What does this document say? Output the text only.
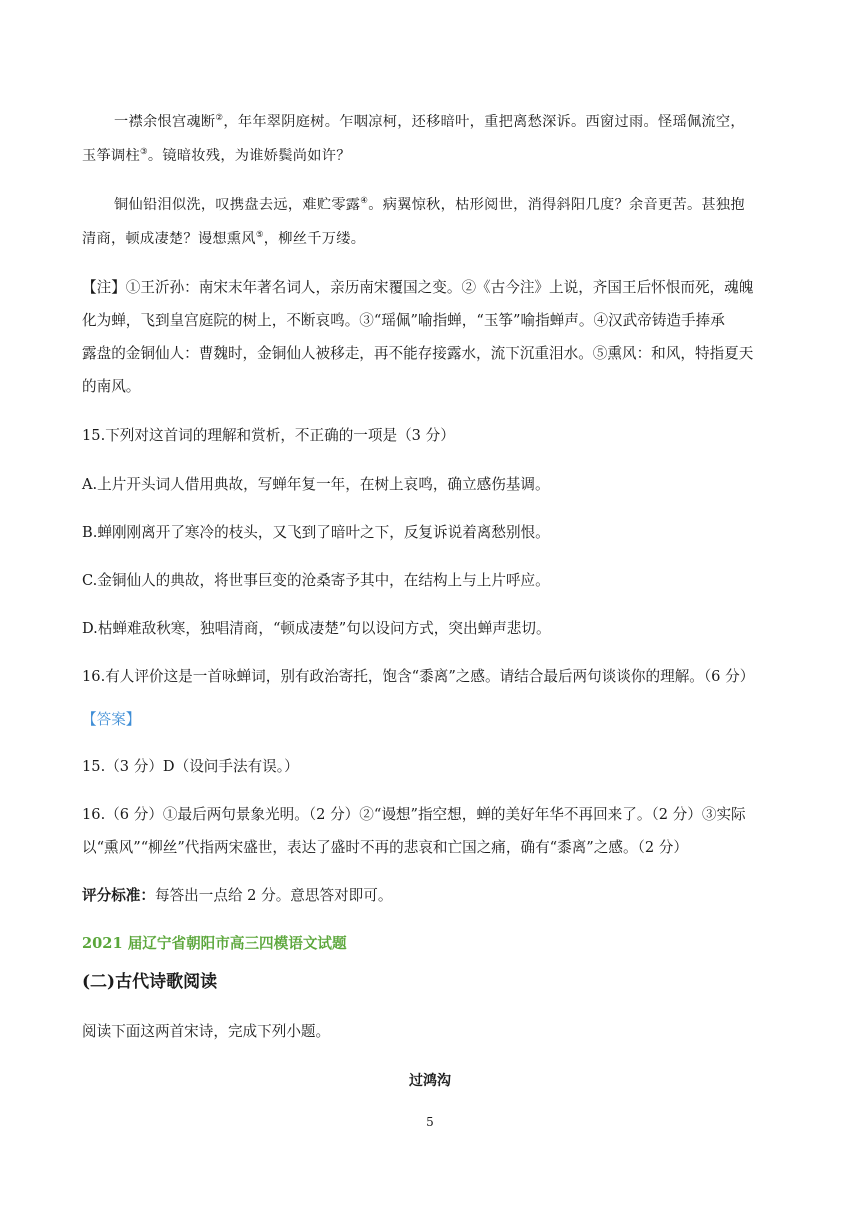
一襟余恨宫魂断②，年年翠阴庭树。乍咽凉柯，还移暗叶，重把离愁深诉。西窗过雨。怪瑶佩流空，
玉筝调柱③。镜暗妆残，为谁娇鬓尚如许？
铜仙铅泪似洗，叹携盘去远，难贮零露④。病翼惊秋，枯形阅世，消得斜阳几度？余音更苦。甚独抱
清商，顿成凄楚？谩想熏风⑤，柳丝千万缕。
【注】①王沂孙：南宋末年著名词人，亲历南宋覆国之变。②《古今注》上说，齐国王后怀恨而死，魂魄
化为蝉，飞到皇宫庭院的树上，不断哀鸣。③“瑶佩”喻指蝉，“玉筝”喻指蝉声。④汉武帝铸造手捧承
露盘的金铜仙人：曹魏时，金铜仙人被移走，再不能存接露水，流下沉重泪水。⑤熏风：和风，特指夏天
的南风。
15.下列对这首词的理解和赏析，不正确的一项是（3 分）
A.上片开头词人借用典故，写蝉年复一年，在树上哀鸣，确立感伤基调。
B.蝉刚刚离开了寒冷的枝头，又飞到了暗叶之下，反复诉说着离愁别恨。
C.金铜仙人的典故，将世事巨变的沧桑寄予其中，在结构上与上片呼应。
D.枯蝉难敌秋寒，独唱清商，“顿成凄楚”句以设问方式，突出蝉声悲切。
16.有人评价这是一首咏蝉词，别有政治寄托，饱含“黍离”之感。请结合最后两句谈谈你的理解。（6 分）
【答案】
15.（3 分）D（设问手法有误。）
16.（6 分）①最后两句景象光明。（2 分）②“谩想”指空想，蝉的美好年华不再回来了。（2 分）③实际
以“熏风”“柳丝”代指两宋盛世，表达了盛时不再的悲哀和亡国之痛，确有“黍离”之感。（2 分）
评分标准：每答出一点给 2 分。意思答对即可。
2021 届辽宁省朝阳市高三四模语文试题
(二)古代诗歌阅读
阅读下面这两首宋诗，完成下列小题。
过鸿沟
5
